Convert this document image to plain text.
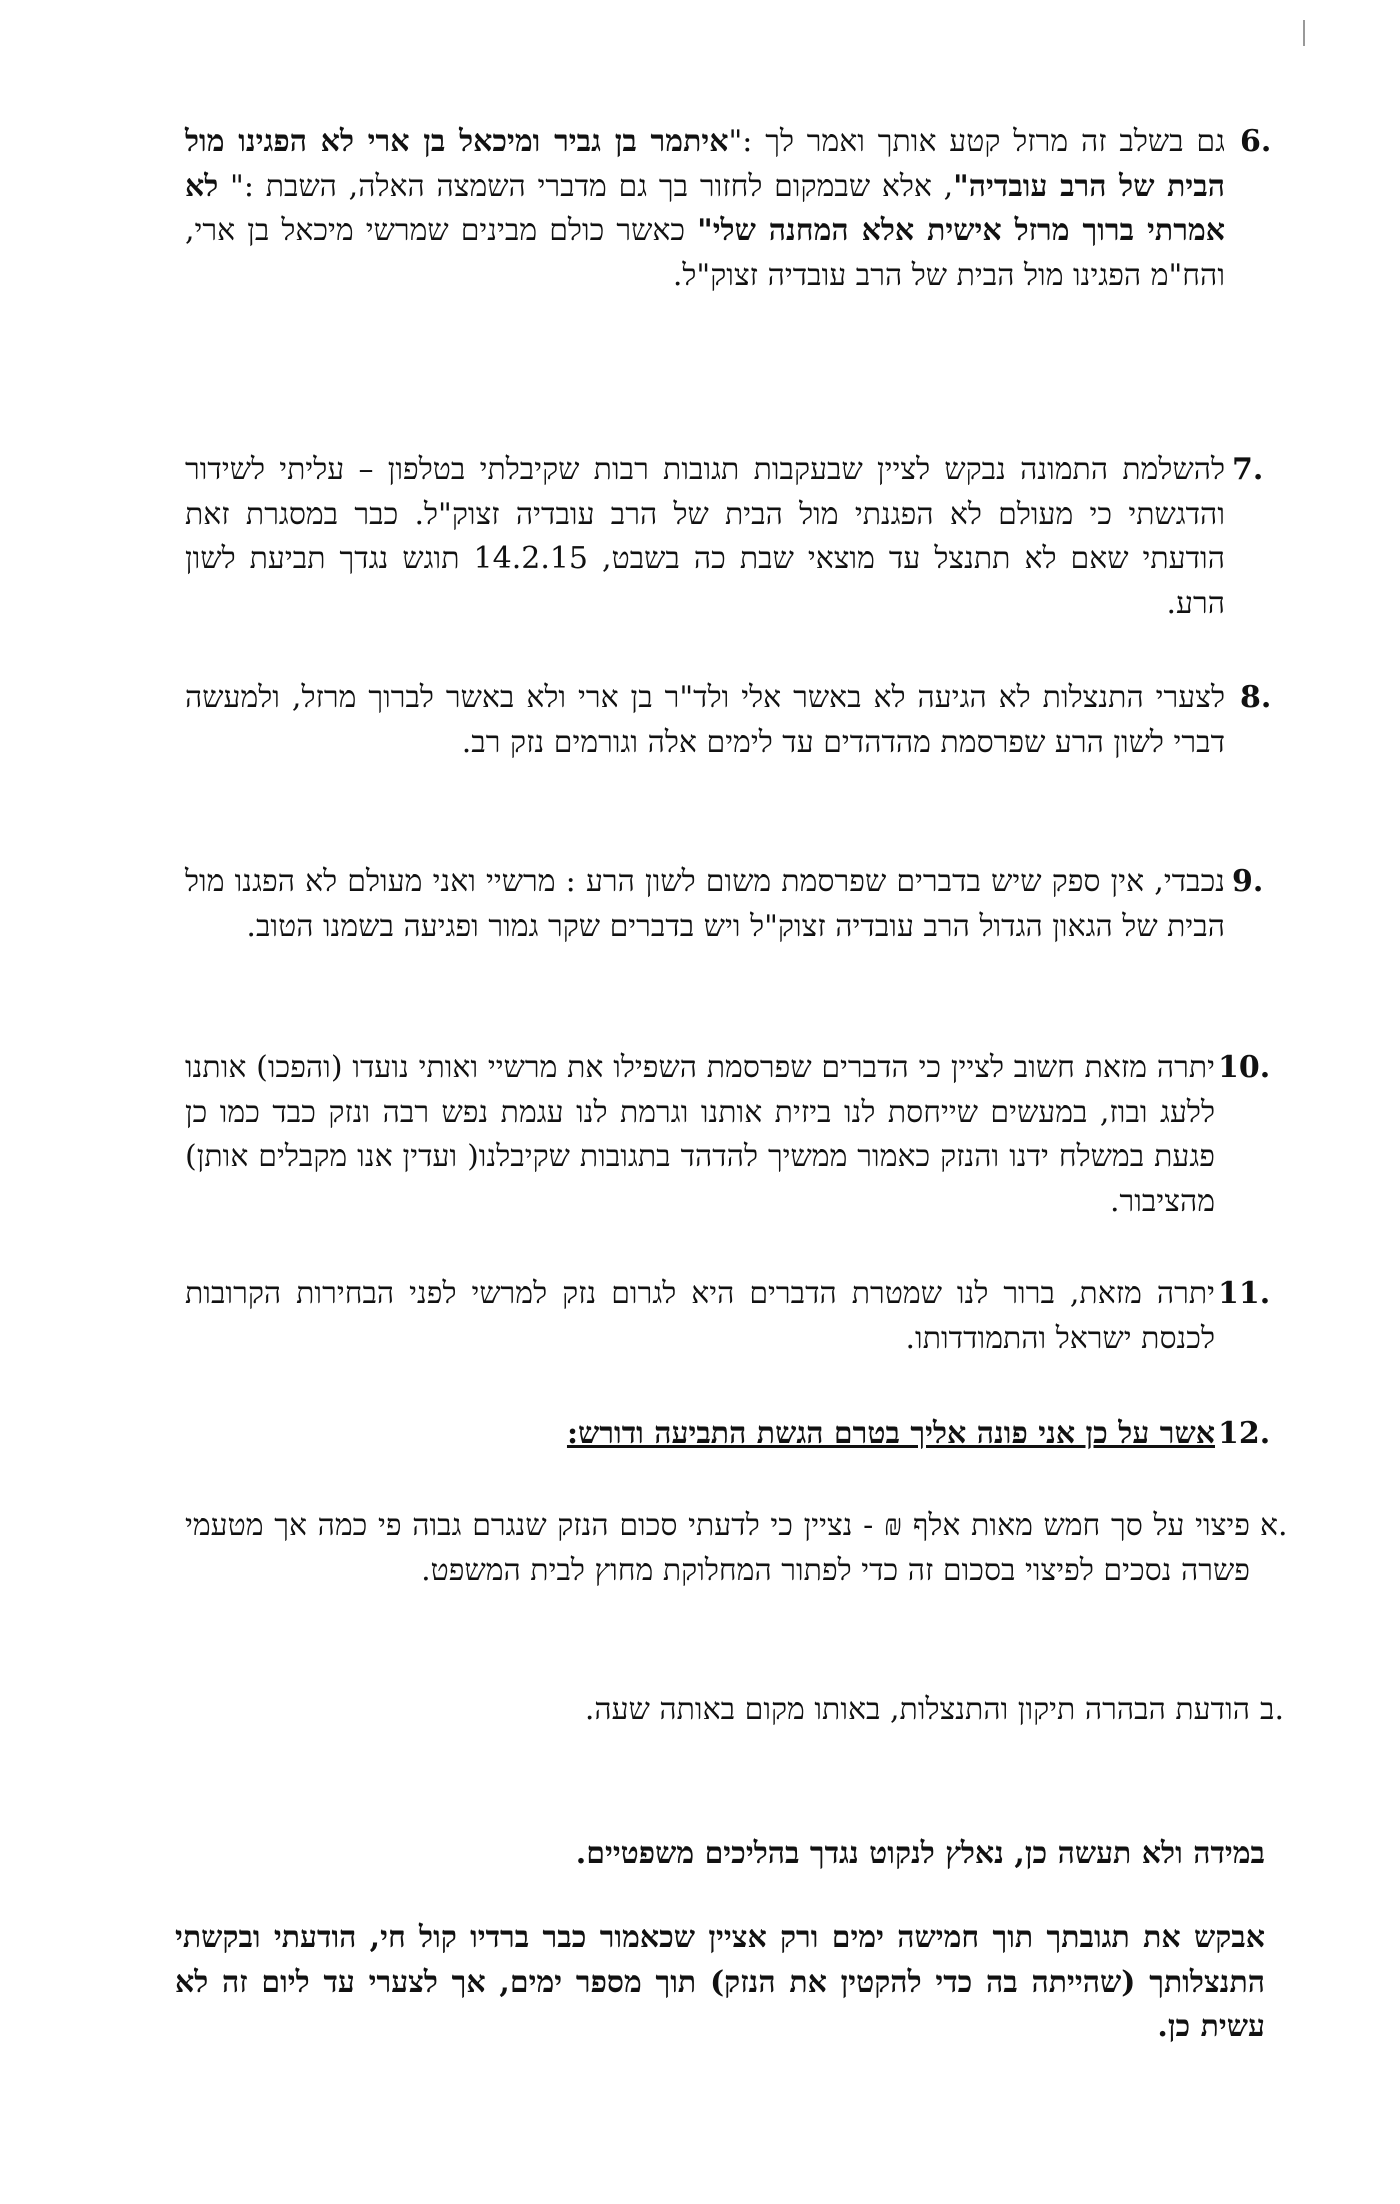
6.
גם בשלב זה מרזל קטע אותך ואמר לך :"איתמר בן גביר ומיכאל בן ארי לא הפגינו מול הבית של הרב עובדיה", אלא שבמקום לחזור בך גם מדברי השמצה האלה, השבת :" לא אמרתי ברוך מרזל אישית אלא המחנה שלי" כאשר כולם מבינים שמרשי מיכאל בן ארי, והח"מ הפגינו מול הבית של הרב עובדיה זצוק"ל.
7.
להשלמת התמונה נבקש לציין שבעקבות תגובות רבות שקיבלתי בטלפון – עליתי לשידור והדגשתי כי מעולם לא הפגנתי מול הבית של הרב עובדיה זצוק"ל. כבר במסגרת זאת הודעתי שאם לא תתנצל עד מוצאי שבת כה בשבט, 14.2.15 תוגש נגדך תביעת לשון הרע.
8.
לצערי התנצלות לא הגיעה לא באשר אלי ולד"ר בן ארי ולא באשר לברוך מרזל, ולמעשה דברי לשון הרע שפרסמת מהדהדים עד לימים אלה וגורמים נזק רב.
9.
נכבדי, אין ספק שיש בדברים שפרסמת משום לשון הרע : מרשיי ואני מעולם לא הפגנו מול הבית של הגאון הגדול הרב עובדיה זצוק"ל ויש בדברים שקר גמור ופגיעה בשמנו הטוב.
10.
יתרה מזאת חשוב לציין כי הדברים שפרסמת השפילו את מרשיי ואותי נועדו (והפכו) אותנו ללעג ובוז, במעשים שייחסת לנו ביזית אותנו וגרמת לנו עגמת נפש רבה ונזק כבד כמו כן פגעת במשלח ידנו והנזק כאמור ממשיך להדהד בתגובות שקיבלנו( ועדין אנו מקבלים אותן) מהציבור.
11.
יתרה מזאת, ברור לנו שמטרת הדברים היא לגרום נזק למרשי לפני הבחירות הקרובות לכנסת ישראל והתמודדותו.
12.
אשר על כן אני פונה אליך בטרם הגשת התביעה ודורש:
א.
פיצוי על סך חמש מאות אלף ₪ - נציין כי לדעתי סכום הנזק שנגרם גבוה פי כמה אך מטעמי פשרה נסכים לפיצוי בסכום זה כדי לפתור המחלוקת מחוץ לבית המשפט.
ב.
הודעת הבהרה תיקון והתנצלות, באותו מקום באותה שעה.
במידה ולא תעשה כן, נאלץ לנקוט נגדך בהליכים משפטיים.
אבקש את תגובתך תוך חמישה ימים ורק אציין שכאמור כבר ברדיו קול חי, הודעתי ובקשתי התנצלותך (שהייתה בה כדי להקטין את הנזק) תוך מספר ימים, אך לצערי עד ליום זה לא עשית כן.
